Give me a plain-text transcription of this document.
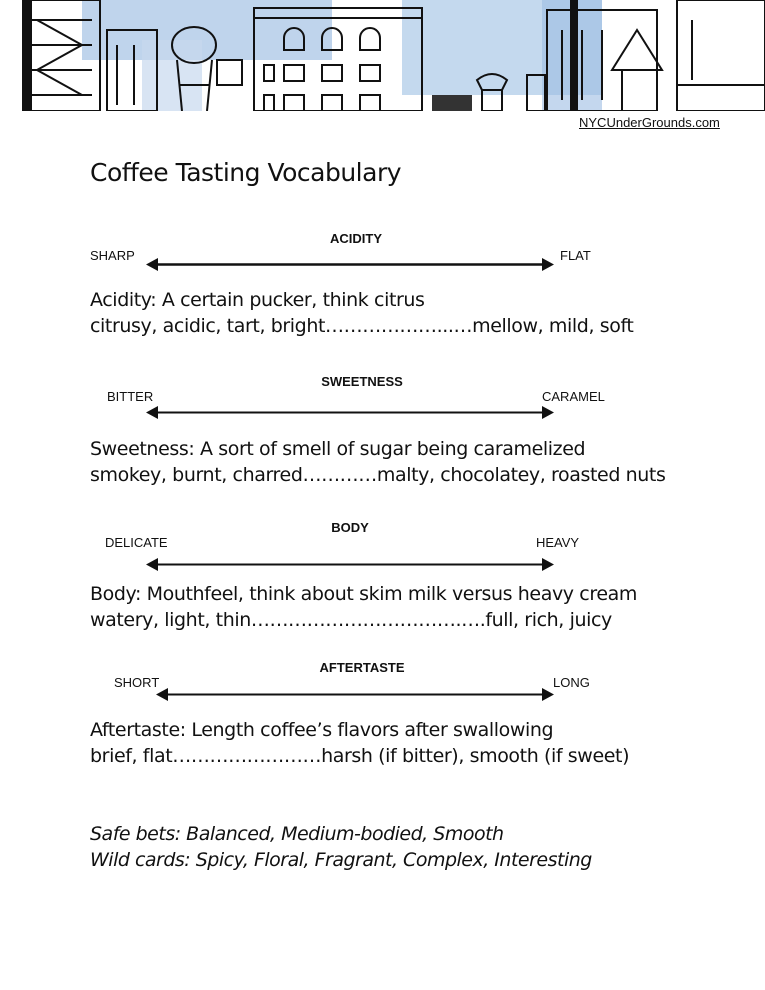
NYCUnderGrounds.com
Coffee Tasting Vocabulary
ACIDITY
SHARP	FLAT
Acidity: A certain pucker, think citrus
citrusy, acidic, tart, bright………………...…mellow, mild, soft
SWEETNESS
BITTER	CARAMEL
Sweetness: A sort of smell of sugar being caramelized
smokey, burnt, charred…………malty, chocolatey, roasted nuts
BODY
DELICATE	HEAVY
Body: Mouthfeel, think about skim milk versus heavy cream
watery, light, thin…………………………….….full, rich, juicy
AFTERTASTE
SHORT	LONG
Aftertaste: Length coffee’s flavors after swallowing
brief, flat……………………harsh (if bitter), smooth (if sweet)
Safe bets: Balanced, Medium-bodied, Smooth
Wild cards: Spicy, Floral, Fragrant, Complex, Interesting
